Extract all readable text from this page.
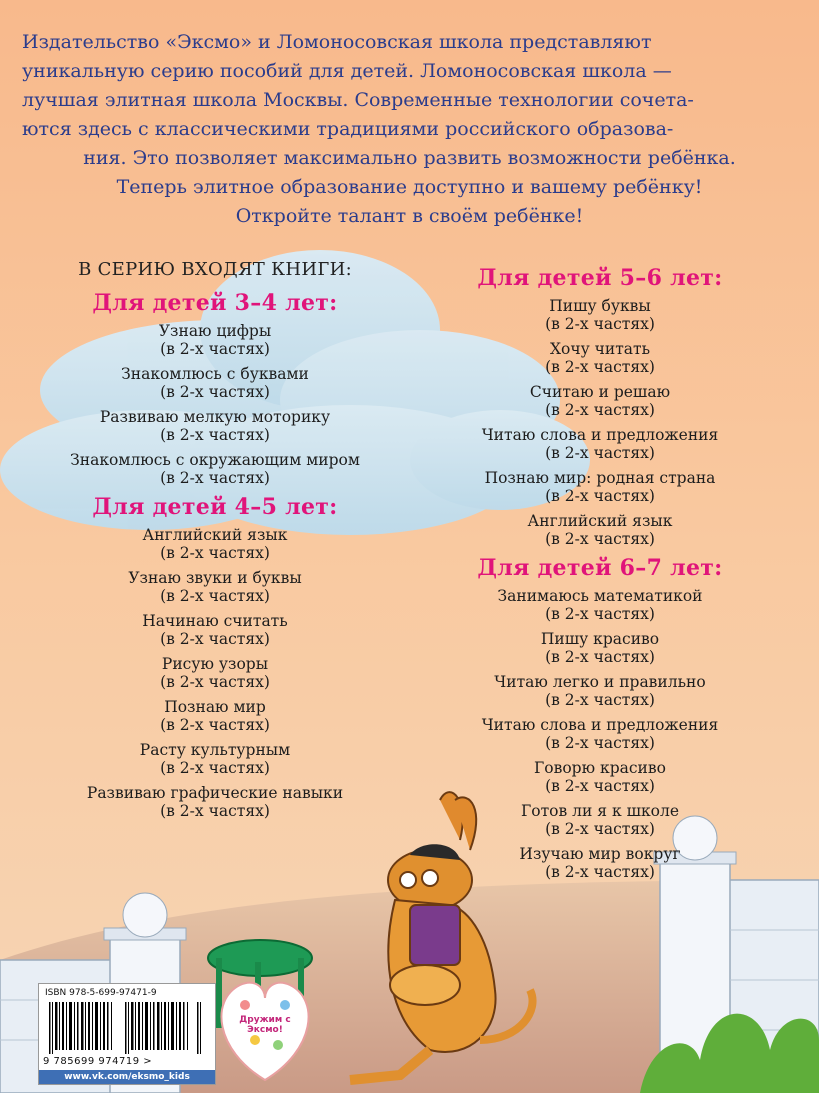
Издательство «Эксмо» и Ломоносовская школа представляют

уникальную серию пособий для детей. Ломоносовская школа —

лучшая элитная школа Москвы. Современные технологии сочета-

ются здесь с классическими традициями российского образова-

ния. Это позволяет максимально развить возможности ребёнка.

Теперь элитное образование доступно и вашему ребёнку!

Откройте талант в своём ребёнке!

В СЕРИЮ ВХОДЯТ КНИГИ:
Для детей 3–4 лет:
Узнаю цифры
(в 2-х частях)
Знакомлюсь с буквами
(в 2-х частях)
Развиваю мелкую моторику
(в 2-х частях)
Знакомлюсь с окружающим миром
(в 2-х частях)
Для детей 4–5 лет:
Английский язык
(в 2-х частях)
Узнаю звуки и буквы
(в 2-х частях)
Начинаю считать
(в 2-х частях)
Рисую узоры
(в 2-х частях)
Познаю мир
(в 2-х частях)
Расту культурным
(в 2-х частях)
Развиваю графические навыки
(в 2-х частях)
Для детей 5–6 лет:
Пишу буквы
(в 2-х частях)
Хочу читать
(в 2-х частях)
Считаю и решаю
(в 2-х частях)
Читаю слова и предложения
(в 2-х частях)
Познаю мир: родная страна
(в 2-х частях)
Английский язык
(в 2-х частях)
Для детей 6–7 лет:
Занимаюсь математикой
(в 2-х частях)
Пишу красиво
(в 2-х частях)
Читаю легко и правильно
(в 2-х частях)
Читаю слова и предложения
(в 2-х частях)
Говорю красиво
(в 2-х частях)
Готов ли я к школе
(в 2-х частях)
Изучаю мир вокруг
(в 2-х частях)
ISBN 978-5-699-97471-9
9 785699 974719 >
www.vk.com/eksmo_kids
Дружим с Эксмо!
